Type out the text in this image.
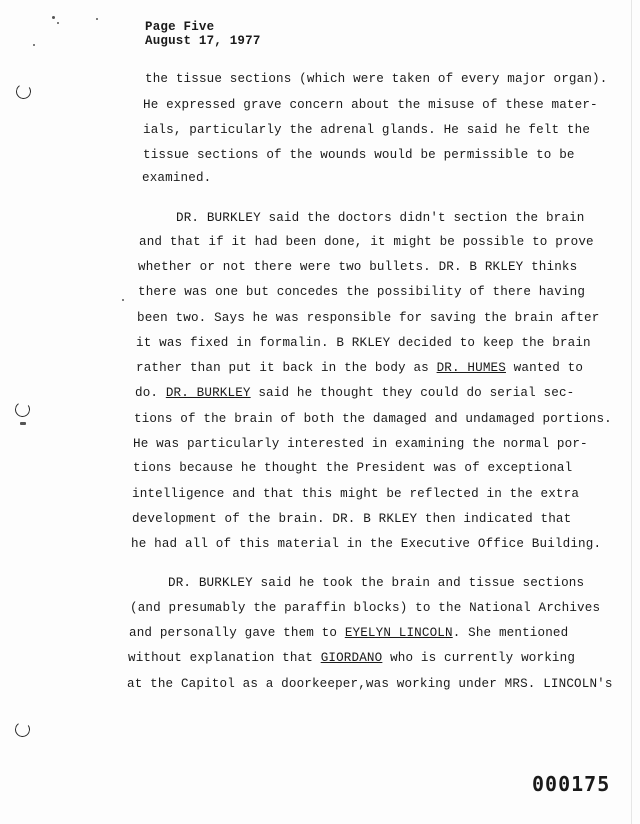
Page Five
August 17, 1977
the tissue sections (which were taken of every major organ).
He expressed grave concern about the misuse of these mater-
ials, particularly the adrenal glands. He said he felt the
tissue sections of the wounds would be permissible to be
examined.
DR. BURKLEY said the doctors didn't section the brain
and that if it had been done, it might be possible to prove
whether or not there were two bullets. DR. B RKLEY thinks
there was one but concedes the possibility of there having
been two. Says he was responsible for saving the brain after
it was fixed in formalin. B RKLEY decided to keep the brain
rather than put it back in the body as DR. HUMES wanted to
do. DR. BURKLEY said he thought they could do serial sec-
tions of the brain of both the damaged and undamaged portions.
He was particularly interested in examining the normal por-
tions because he thought the President was of exceptional
intelligence and that this might be reflected in the extra
development of the brain. DR. B RKLEY then indicated that
he had all of this material in the Executive Office Building.
DR. BURKLEY said he took the brain and tissue sections
(and presumably the paraffin blocks) to the National Archives
and personally gave them to EYELYN LINCOLN. She mentioned
without explanation that GIORDANO who is currently working
at the Capitol as a doorkeeper,was working under MRS. LINCOLN's
000175
